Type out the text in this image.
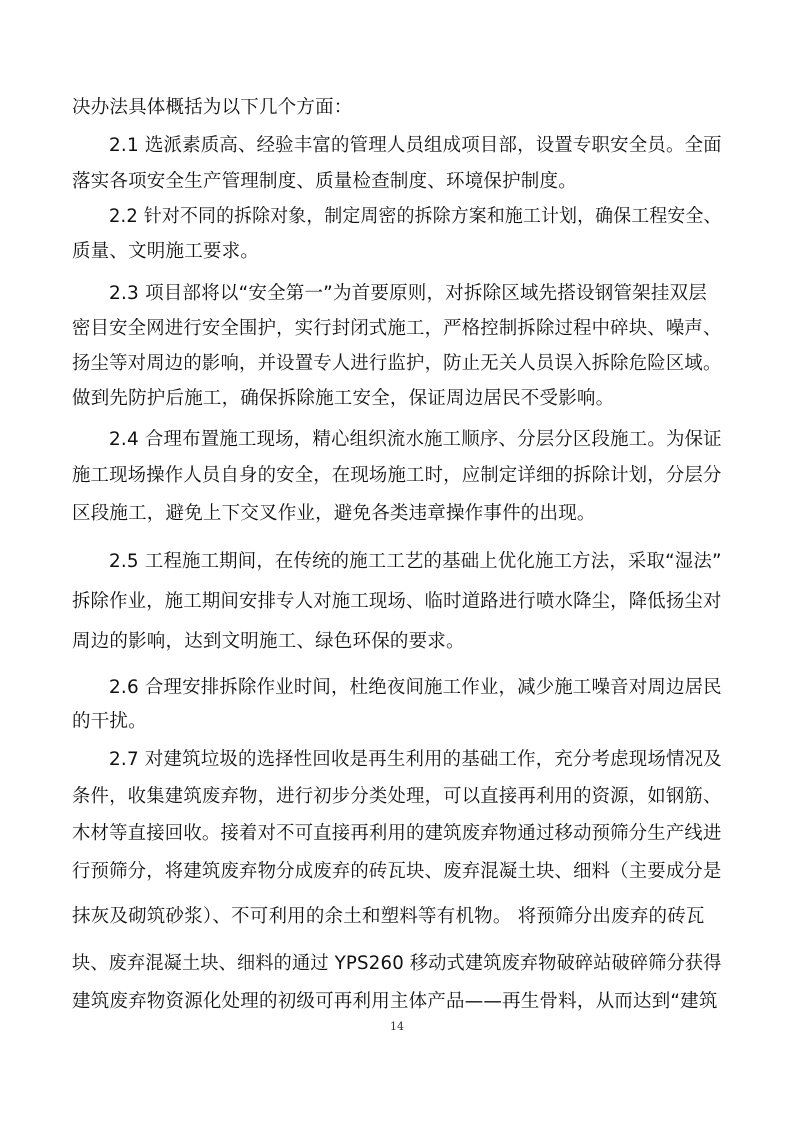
决办法具体概括为以下几个方面：
2.1 选派素质高、经验丰富的管理人员组成项目部，设置专职安全员。全面
落实各项安全生产管理制度、质量检查制度、环境保护制度。
2.2 针对不同的拆除对象，制定周密的拆除方案和施工计划，确保工程安全、
质量、文明施工要求。
2.3 项目部将以“安全第一”为首要原则，对拆除区域先搭设钢管架挂双层
密目安全网进行安全围护，实行封闭式施工，严格控制拆除过程中碎块、噪声、
扬尘等对周边的影响，并设置专人进行监护，防止无关人员误入拆除危险区域。
做到先防护后施工，确保拆除施工安全，保证周边居民不受影响。
2.4 合理布置施工现场，精心组织流水施工顺序、分层分区段施工。为保证
施工现场操作人员自身的安全，在现场施工时，应制定详细的拆除计划，分层分
区段施工，避免上下交叉作业，避免各类违章操作事件的出现。
2.5 工程施工期间，在传统的施工工艺的基础上优化施工方法，采取“湿法”
拆除作业，施工期间安排专人对施工现场、临时道路进行喷水降尘，降低扬尘对
周边的影响，达到文明施工、绿色环保的要求。
2.6 合理安排拆除作业时间，杜绝夜间施工作业，减少施工噪音对周边居民
的干扰。
2.7 对建筑垃圾的选择性回收是再生利用的基础工作，充分考虑现场情况及
条件，收集建筑废弃物，进行初步分类处理，可以直接再利用的资源，如钢筋、
木材等直接回收。接着对不可直接再利用的建筑废弃物通过移动预筛分生产线进
行预筛分，将建筑废弃物分成废弃的砖瓦块、废弃混凝土块、细料（主要成分是
抹灰及砌筑砂浆）、不可利用的余土和塑料等有机物。 将预筛分出废弃的砖瓦
块、废弃混凝土块、细料的通过 YPS260 移动式建筑废弃物破碎站破碎筛分获得
建筑废弃物资源化处理的初级可再利用主体产品——再生骨料，从而达到“建筑
14
